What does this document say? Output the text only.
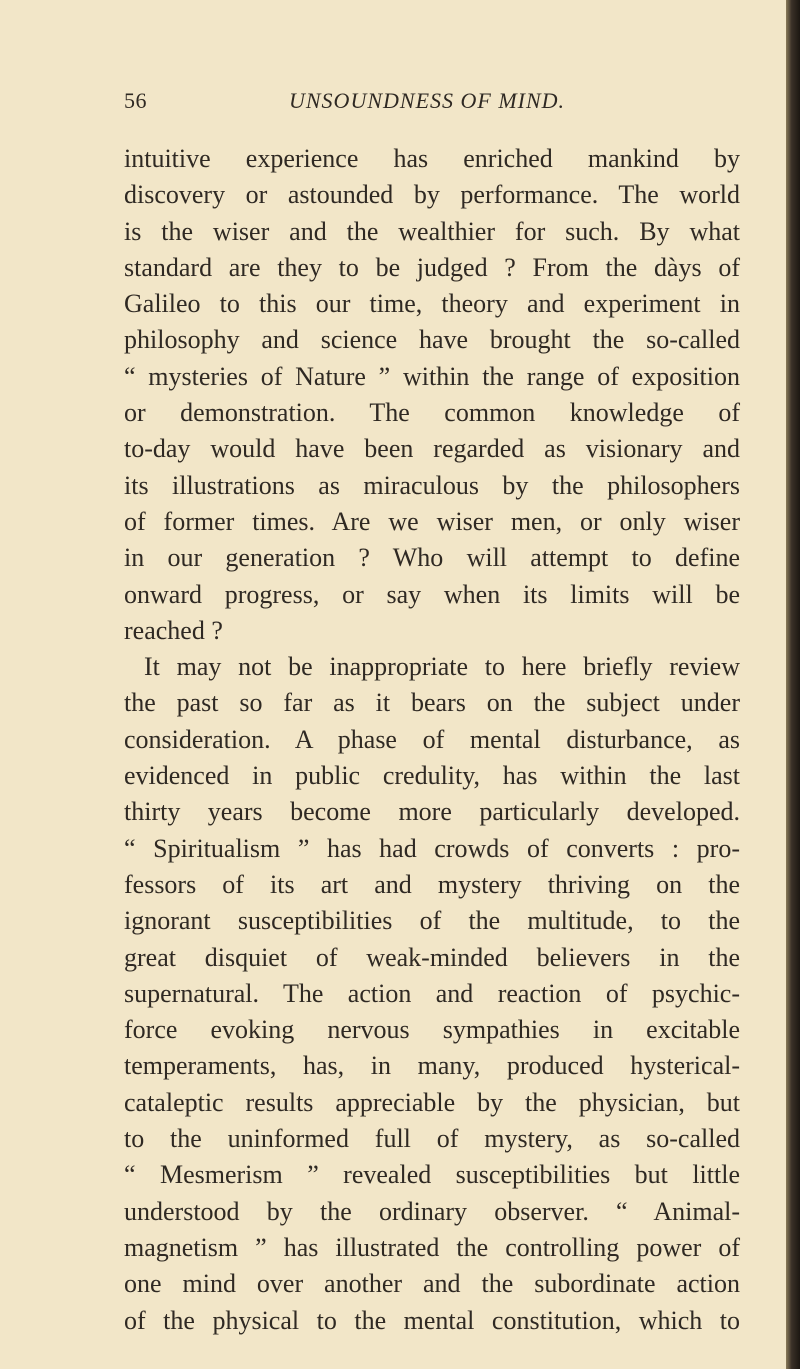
56	UNSOUNDNESS OF MIND.
intuitive experience has enriched mankind by
discovery or astounded by performance. The world
is the wiser and the wealthier for such. By what
standard are they to be judged ? From the dàys of
Galileo to this our time, theory and experiment in
philosophy and science have brought the so-called
“ mysteries of Nature ” within the range of exposition
or demonstration. The common knowledge of
to-day would have been regarded as visionary and
its illustrations as miraculous by the philosophers
of former times. Are we wiser men, or only wiser
in our generation ? Who will attempt to define
onward progress, or say when its limits will be
reached ?
It may not be inappropriate to here briefly review
the past so far as it bears on the subject under
consideration. A phase of mental disturbance, as
evidenced in public credulity, has within the last
thirty years become more particularly developed.
“ Spiritualism ” has had crowds of converts : pro-
fessors of its art and mystery thriving on the
ignorant susceptibilities of the multitude, to the
great disquiet of weak-minded believers in the
supernatural. The action and reaction of psychic-
force evoking nervous sympathies in excitable
temperaments, has, in many, produced hysterical-
cataleptic results appreciable by the physician, but
to the uninformed full of mystery, as so-called
“ Mesmerism ” revealed susceptibilities but little
understood by the ordinary observer. “ Animal-
magnetism ” has illustrated the controlling power of
one mind over another and the subordinate action
of the physical to the mental constitution, which to
